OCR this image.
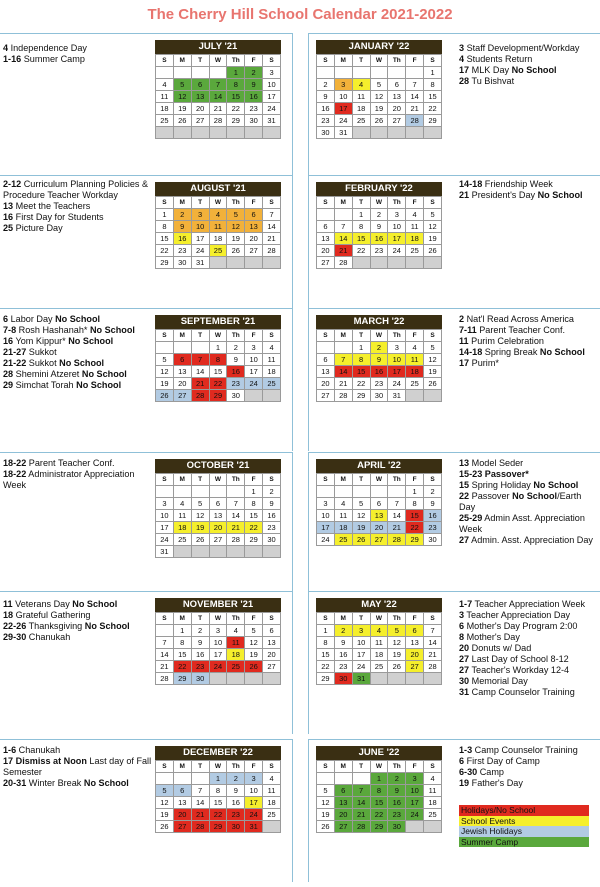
The Cherry Hill School Calendar 2021-2022
4 Independence Day
1-16 Summer Camp
JULY '21
S	M	T	W	Th	F	S
				1	2	3
4	5	6	7	8	9	10
11	12	13	14	15	16	17
18	19	20	21	22	23	24
25	26	27	28	29	30	31

3 Staff Development/Workday
4 Students Return
17 MLK Day No School
28 Tu Bishvat
JANUARY '22
S	M	T	W	Th	F	S
						1
2	3	4	5	6	7	8
9	10	11	12	13	14	15
16	17	18	19	20	21	22
23	24	25	26	27	28	29
30	31					
2-12 Curriculum Planning Policies & Procedure Teacher Workday
13 Meet the Teachers
16 First Day for Students
25 Picture Day
AUGUST '21
S	M	T	W	Th	F	S
1	2	3	4	5	6	7
8	9	10	11	12	13	14
15	16	17	18	19	20	21
22	23	24	25	26	27	28
29	30	31				
14-18 Friendship Week
21 President's Day No School
FEBRUARY '22
S	M	T	W	Th	F	S
		1	2	3	4	5
6	7	8	9	10	11	12
13	14	15	16	17	18	19
20	21	22	23	24	25	26
27	28					
6 Labor Day No School
7-8 Rosh Hashanah* No School
16 Yom Kippur* No School
21-27 Sukkot
21-22 Sukkot No School
28 Shemini Atzeret No School
29 Simchat Torah No School
SEPTEMBER '21
S	M	T	W	Th	F	S
			1	2	3	4
5	6	7	8	9	10	11
12	13	14	15	16	17	18
19	20	21	22	23	24	25
26	27	28	29	30		
2 Nat'l Read Across America
7-11 Parent Teacher Conf.
11 Purim Celebration
14-18 Spring Break No School
17 Purim*
MARCH '22
S	M	T	W	Th	F	S
		1	2	3	4	5
6	7	8	9	10	11	12
13	14	15	16	17	18	19
20	21	22	23	24	25	26
27	28	29	30	31		
18-22 Parent Teacher Conf.
18-22 Administrator Appreciation Week
OCTOBER '21
S	M	T	W	Th	F	S
					1	2
3	4	5	6	7	8	9
10	11	12	13	14	15	16
17	18	19	20	21	22	23
24	25	26	27	28	29	30
31						
13 Model Seder
15-23 Passover*
15 Spring Holiday No School
22 Passover No School/Earth Day
25-29 Admin Asst. Appreciation Week
27 Admin. Asst. Appreciation Day
APRIL '22
S	M	T	W	Th	F	S
					1	2
3	4	5	6	7	8	9
10	11	12	13	14	15	16
17	18	19	20	21	22	23
24	25	26	27	28	29	30
11 Veterans Day No School
18 Grateful Gathering
22-26 Thanksgiving No School
29-30 Chanukah
NOVEMBER '21
S	M	T	W	Th	F	S
	1	2	3	4	5	6
7	8	9	10	11	12	13
14	15	16	17	18	19	20
21	22	23	24	25	26	27
28	29	30				
1-7 Teacher Appreciation Week
3 Teacher Appreciation Day
6 Mother's Day Program 2:00
8 Mother's Day
20 Donuts w/ Dad
27 Last Day of School 8-12
27 Teacher's Workday 12-4
30 Memorial Day
31 Camp Counselor Training
MAY '22
S	M	T	W	Th	F	S
1	2	3	4	5	6	7
8	9	10	11	12	13	14
15	16	17	18	19	20	21
22	23	24	25	26	27	28
29	30	31				
1-6 Chanukah
17 Dismiss at Noon Last day of Fall Semester
20-31 Winter Break No School
DECEMBER '22
S	M	T	W	Th	F	S
			1	2	3	4
5	6	7	8	9	10	11
12	13	14	15	16	17	18
19	20	21	22	23	24	25
26	27	28	29	30	31	
1-3 Camp Counselor Training
6 First Day of Camp
6-30 Camp
19 Father's Day
JUNE '22
S	M	T	W	Th	F	S
			1	2	3	4
5	6	7	8	9	10	11
12	13	14	15	16	17	18
19	20	21	22	23	24	25
26	27	28	29	30		
Holidays/No School
School Events
Jewish Holidays
Summer Camp
